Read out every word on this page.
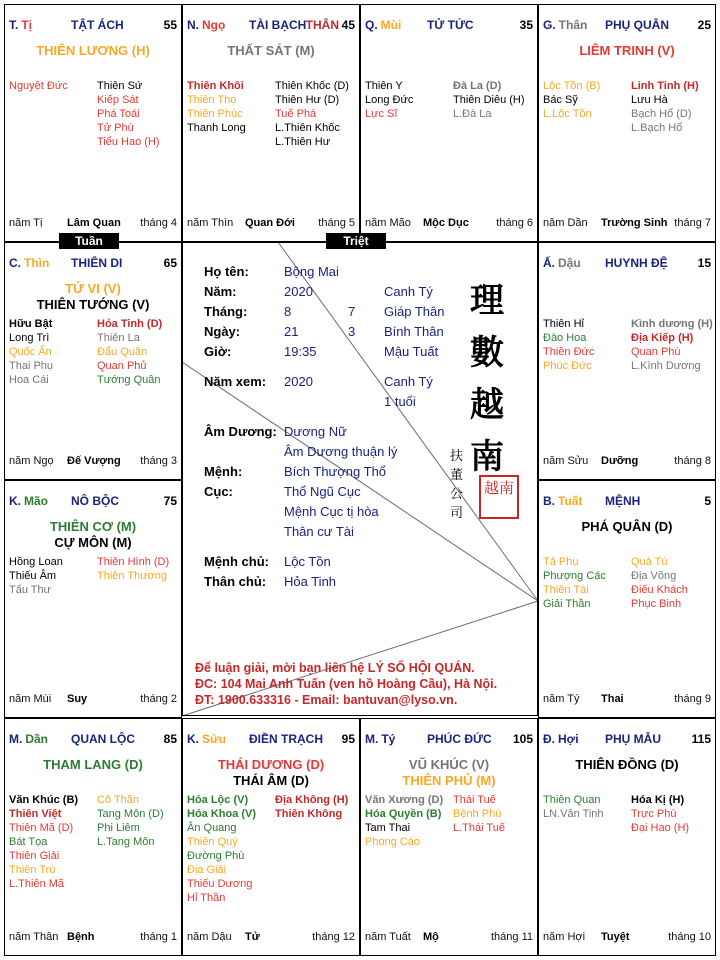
T. Tị	TẬT ÁCH	55
THIÊN LƯƠNG (H)
Nguyệt Đức	Thiên Sứ
Kiếp Sát
Phá Toái
Tử Phù
Tiểu Hao (H)
năm Tị Lâm Quan tháng 4
N. Ngọ TÀI BẠCH THÂN 45
THẤT SÁT (M)
Thiên Khôi
Thiên Thọ
Thiên Phúc
Thanh Long
Thiên Khốc (D)
Thiên Hư (D)
Tuế Phá
L.Thiên Khốc
L.Thiên Hư
năm Thìn Quan Đới tháng 5
Q. Mùi TỬ TỨC	35
Thiên Y
Long Đức
Lực Sĩ
Đà La (D)
Thiên Diêu (H)
L.Đà La
năm Mão Mộc Dục tháng 6
G. Thân PHỤ QUÂN 25
LIÊM TRINH (V)
Lộc Tồn (B)
Bác Sỹ
L.Lộc Tồn
Linh Tinh (H)
Lưu Hà
Bạch Hổ (D)
L.Bạch Hổ
năm Dần Trường Sinh tháng 7
C. Thìn THIÊN DI	65
TỬ VI (V)
THIÊN TƯỚNG (V)
Hữu Bật
Long Trì
Quốc Ấn
Thai Phụ
Hoa Cái
Hỏa Tinh (D)
Thiên La
Đẩu Quân
Quan Phủ
Tướng Quân
năm Ngọ Đế Vượng tháng 3
Ấ. Dậu HUYNH ĐỆ 15
Thiên Hỉ
Đào Hoa
Thiên Đức
Phúc Đức
Kình dương (H)
Địa Kiếp (H)
Quan Phù
L.Kình Dương
năm Sửu Dưỡng	tháng 8
K. Mão NÔ BỘC	75
THIÊN CƠ (M)
CỰ MÔN (M)
Hồng Loan
Thiếu Âm
Tấu Thư
Thiên Hình (D)
Thiên Thương
năm Mùi Suy	tháng 2
B. Tuất MỆNH	5
PHÁ QUÂN (D)
Tả Phụ
Phượng Các
Thiên Tài
Giải Thần
Quả Tú
Địa Võng
Điếu Khách
Phục Binh
năm Tý Thai	tháng 9
M. Dần QUAN LỘC 85
THAM LANG (D)
Văn Khúc (B)
Thiên Việt
Thiên Mã (D)
Bát Tọa
Thiên Giải
Thiên Trù
L.Thiên Mã
Cô Thần
Tang Môn (D)
Phi Liêm
L.Tang Môn
năm Thân Bệnh	tháng 1
K. Sửu ĐIỀN TRẠCH 95
THÁI DƯƠNG (D)
THÁI ÂM (D)
Hóa Lộc (V)
Hóa Khoa (V)
Ân Quang
Thiên Quý
Đường Phù
Địa Giải
Thiếu Dương
Hỉ Thần
Địa Không (H)
Thiên Không
năm Dậu Tử	tháng 12
M. Tý	PHÚC ĐỨC 105
VŨ KHÚC (V)
THIÊN PHỦ (M)
Văn Xương (D)
Hóa Quyền (B)
Tam Thai
Phong Cáo
Thái Tuế
Bệnh Phù
L.Thái Tuế
năm Tuất Mộ	tháng 11
Đ. Hợi PHỤ MẪU	115
THIÊN ĐỒNG (D)
Thiên Quan
LN.Văn Tinh
Hóa Kị (H)
Trực Phù
Đại Hao (H)
năm Hợi Tuyệt	tháng 10
Họ tên:	Bộng Mai
Năm:	2020	Canh Tý
Tháng:	8	7 Giáp Thân
Ngày:	21	3 Bính Thân
Giờ:	19:35	Mậu Tuất
Năm xem: 2020	Canh Tý
1 tuổi
Âm Dương: Dương Nữ
Âm Dương thuận lý
Mệnh:	Bích Thượng Thổ
Cục:	Thổ Ngũ Cục
Mệnh Cục tị hòa
Thân cư Tài
Mệnh chủ: Lộc Tồn
Thân chủ: Hỏa Tinh
理數越南
扶董公司
越南
Để luận giải, mời bạn liên hệ LÝ SỐ HỘI QUÁN.
ĐC: 104 Mai Anh Tuấn (ven hồ Hoàng Cầu), Hà Nội.
ĐT: 1900.633316 - Email: bantuvan@lyso.vn.
Tuần	Triệt
